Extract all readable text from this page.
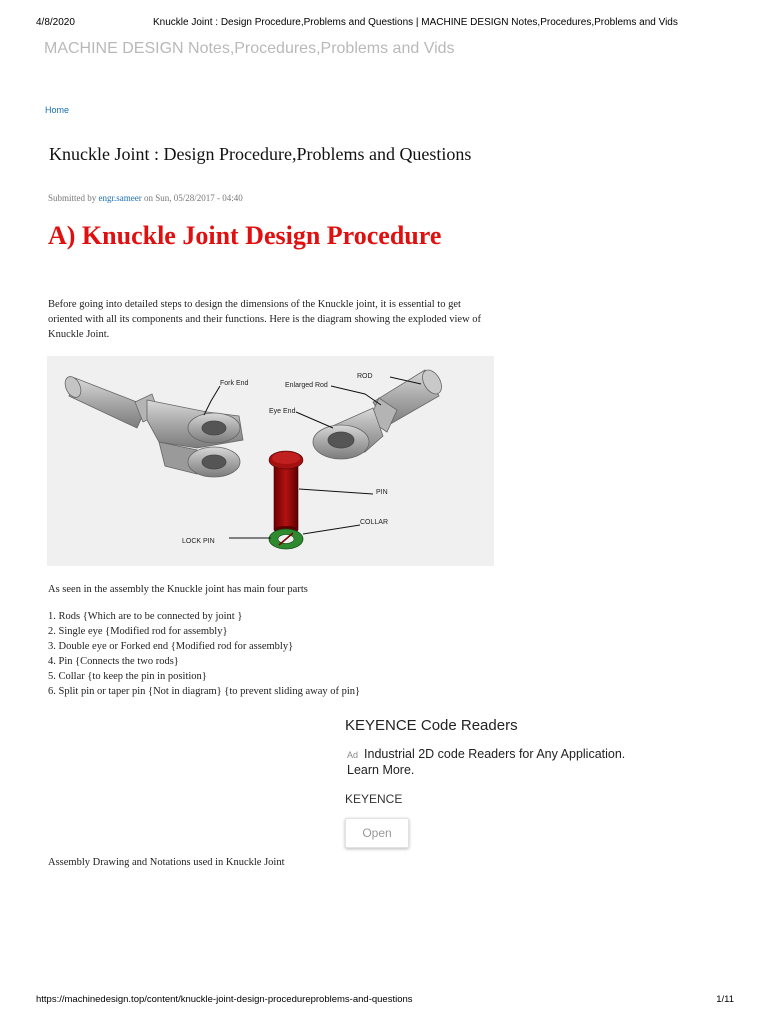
4/8/2020	Knuckle Joint : Design Procedure,Problems and Questions | MACHINE DESIGN Notes,Procedures,Problems and Vids
MACHINE DESIGN Notes,Procedures,Problems and Vids
Home
Knuckle Joint : Design Procedure,Problems and Questions
Submitted by engr.sameer on Sun, 05/28/2017 - 04:40
A) Knuckle Joint Design Procedure
Before going into detailed steps to design the dimensions of the Knuckle joint, it is essential to get oriented with all its components and their functions. Here is the diagram showing the exploded view of Knuckle Joint.
Fork End	Enlarged Rod
ROD
Eye End
PIN
COLLAR
LOCK PIN
As seen in the assembly the Knuckle joint has main four parts
1. Rods {Which are to be connected by joint }
2. Single eye {Modified rod for assembly}
3. Double eye or Forked end {Modified rod for assembly}
4. Pin {Connects the two rods}
5. Collar {to keep the pin in position}
6. Split pin or taper pin {Not in diagram} {to prevent sliding away of pin}
KEYENCE Code Readers
Ad Industrial 2D code Readers for Any Application. Learn More.
KEYENCE
Open
Assembly Drawing and Notations used in Knuckle Joint
https://machinedesign.top/content/knuckle-joint-design-procedureproblems-and-questions	1/11
